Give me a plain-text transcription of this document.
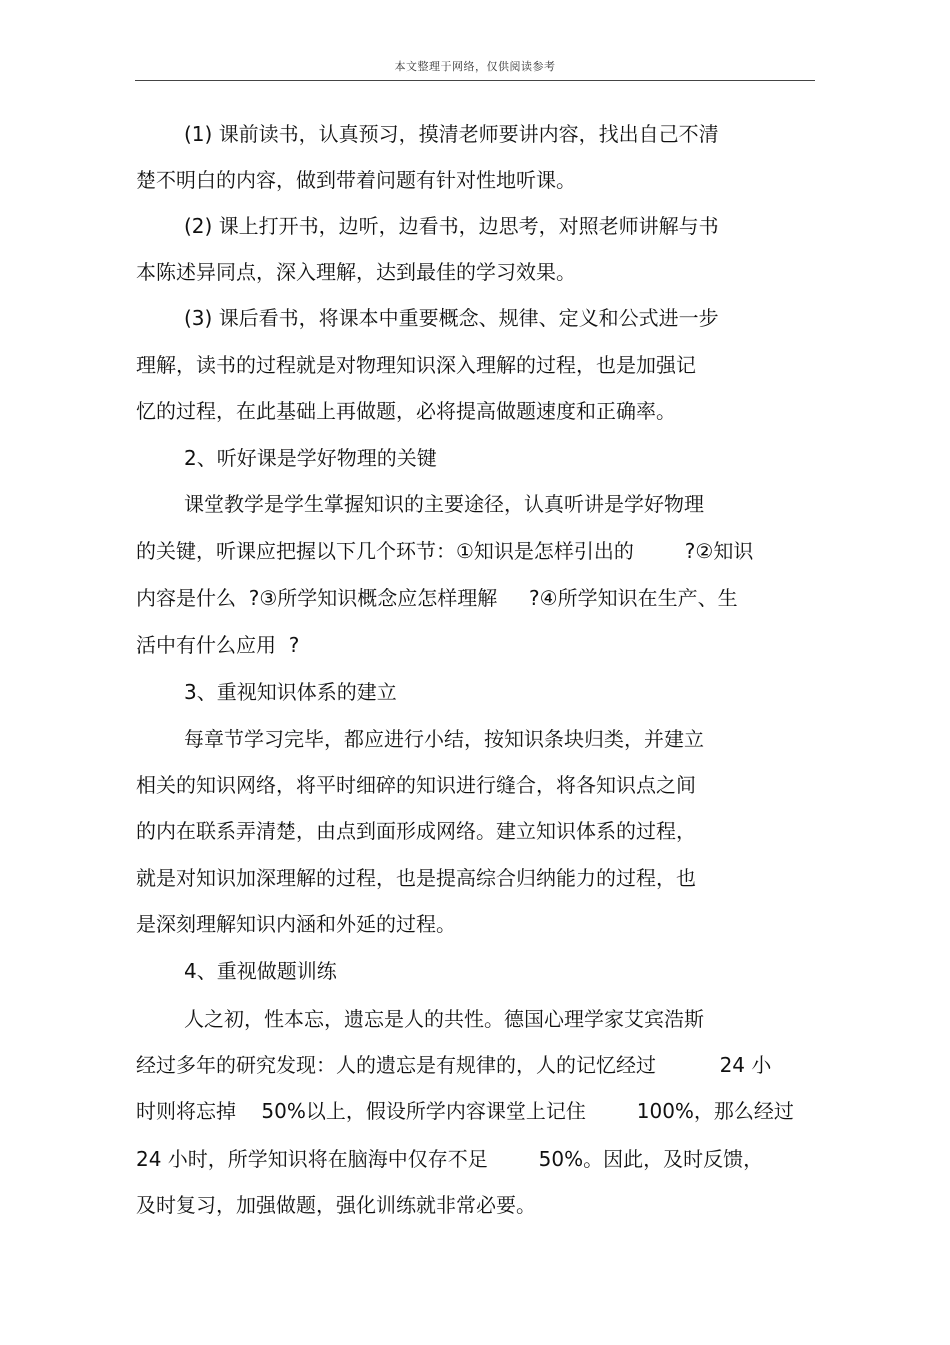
本文整理于网络，仅供阅读参考
(1) 课前读书，认真预习，摸清老师要讲内容，找出自己不清
楚不明白的内容，做到带着问题有针对性地听课。
(2) 课上打开书，边听，边看书，边思考，对照老师讲解与书
本陈述异同点，深入理解，达到最佳的学习效果。
(3) 课后看书，将课本中重要概念、规律、定义和公式进一步
理解，读书的过程就是对物理知识深入理解的过程，也是加强记
忆的过程，在此基础上再做题，必将提高做题速度和正确率。
2、听好课是学好物理的关键
课堂教学是学生掌握知识的主要途径，认真听讲是学好物理
的关键，听课应把握以下几个环节：①知识是怎样引出的        ?②知识
内容是什么  ?③所学知识概念应怎样理解     ?④所学知识在生产、生
活中有什么应用  ?
3、重视知识体系的建立
每章节学习完毕，都应进行小结，按知识条块归类，并建立
相关的知识网络，将平时细碎的知识进行缝合，将各知识点之间
的内在联系弄清楚，由点到面形成网络。建立知识体系的过程，
就是对知识加深理解的过程，也是提高综合归纳能力的过程，也
是深刻理解知识内涵和外延的过程。
4、重视做题训练
人之初，性本忘，遗忘是人的共性。德国心理学家艾宾浩斯
经过多年的研究发现：人的遗忘是有规律的，人的记忆经过          24 小
时则将忘掉    50%以上，假设所学内容课堂上记住        100%，那么经过
24 小时，所学知识将在脑海中仅存不足        50%。因此，及时反馈，
及时复习，加强做题，强化训练就非常必要。
